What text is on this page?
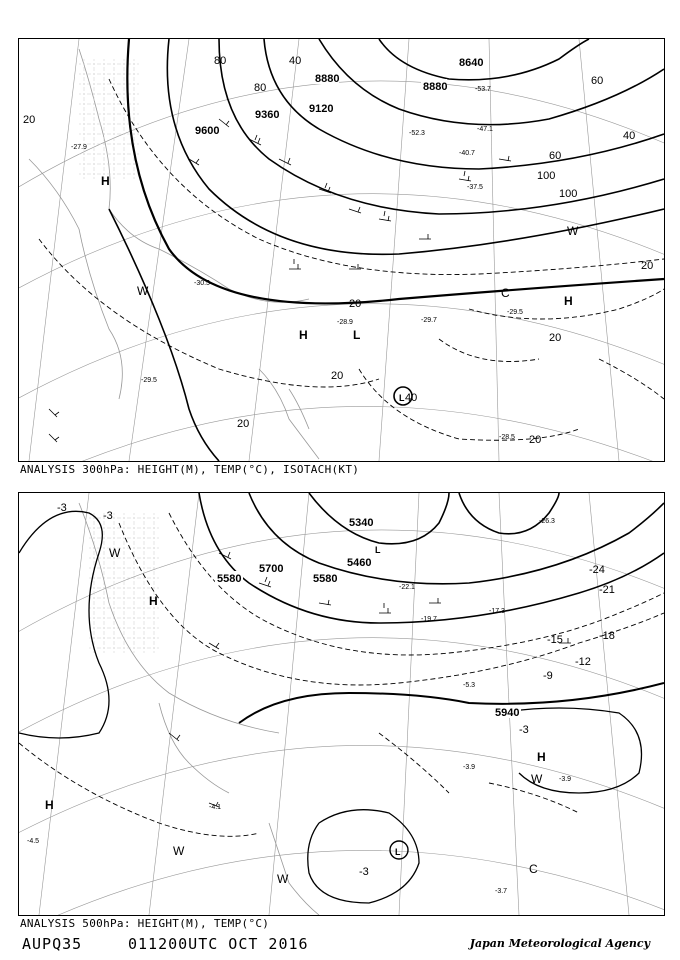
9600
9360	9120
8880
8880
8640
20
40
60
80
80
100
100
60
40
20
20
20
20
40
20
20
H
H
H
L
L
W
W
C
-27.9
-29.5
-30.5
-28.9	-29.7
-29.5
-28.5
-52.3
-47.1
-53.7
-40.7
-37.5
ANALYSIS 300hPa: HEIGHT(M), TEMP(°C), ISOTACH(KT)
5700
5580
5460
5340
5580
5940
-3
-3
-3
-9
-12
-15	-18
-21
-24
-3
H
H
H
L
L
W
W
W
W
C
-4.5
-3.9
-3.9
-3.7
-4.1
-5.3
-17.3
-19.7
-22.1
-26.3
ANALYSIS 500hPa: HEIGHT(M), TEMP(°C)
AUPQ35	011200UTC OCT 2016	Japan Meteorological Agency
